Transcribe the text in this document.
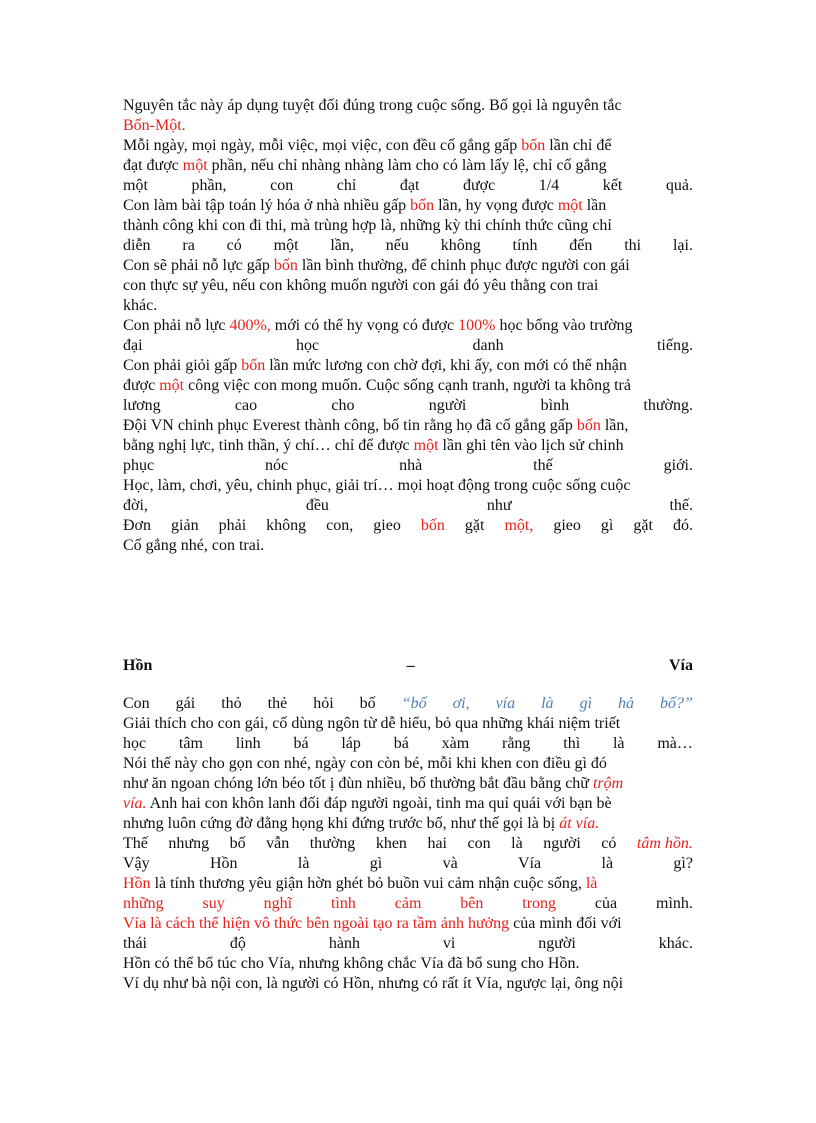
Nguyên tắc này áp dụng tuyệt đối đúng trong cuộc sống. Bố gọi là nguyên tắc
Bốn-Một.
Mỗi ngày, mọi ngày, mỗi việc, mọi việc, con đều cố gắng gấp bốn lần chỉ để
đạt được một phần, nếu chỉ nhàng nhàng làm cho có làm lấy lệ, chỉ cố gắng
một	phần,	con	chỉ	đạt	được	1/4	kết	quả.
Con làm bài tập toán lý hóa ở nhà nhiều gấp bốn lần, hy vọng được một lần
thành công khi con đi thi, mà trùng hợp là, những kỳ thi chính thức cũng chỉ
diễn ra có một lần, nếu không tính đến thi lại.
Con sẽ phải nỗ lực gấp bốn lần bình thường, để chinh phục được người con gái
con thực sự yêu, nếu con không muốn người con gái đó yêu thằng con trai
khác.
Con phải nỗ lực 400%, mới có thể hy vọng có được 100% học bổng vào trường
đại	học	danh	tiếng.
Con phải giỏi gấp bốn lần mức lương con chờ đợi, khi ấy, con mới có thể nhận
được một công việc con mong muốn. Cuộc sống cạnh tranh, người ta không trả
lương	cao	cho	người	bình	thường.
Đội VN chinh phục Everest thành công, bố tin rằng họ đã cố gắng gấp bốn lần,
bằng nghị lực, tinh thần, ý chí… chỉ để được một lần ghi tên vào lịch sử chinh
phục	nóc	nhà	thế	giới.
Học, làm, chơi, yêu, chinh phục, giải trí… mọi hoạt động trong cuộc sống cuộc
đời,	đều	như	thế.
Đơn giản phải không con, gieo bốn gặt một, gieo gì gặt đó.
Cố gắng nhé, con trai.
Hồn	–	Vía
Con gái thỏ thẻ hỏi bố “bố ơi, vía là gì hả bố?”
Giải thích cho con gái, cố dùng ngôn từ dễ hiểu, bỏ qua những khái niệm triết
học tâm linh bá láp bá xàm rằng thì là mà…
Nói thế này cho gọn con nhé, ngày con còn bé, mỗi khi khen con điều gì đó
như ăn ngoan chóng lớn béo tốt ị đùn nhiều, bố thường bắt đầu bằng chữ trộm
vía. Anh hai con khôn lanh đối đáp người ngoài, tinh ma quỉ quái với bạn bè
nhưng luôn cứng đờ đằng họng khi đứng trước bố, như thế gọi là bị át vía.
Thế nhưng bố vẫn thường khen hai con là người có tâm hồn.
Vậy	Hồn	là	gì	và	Vía	là	gì?
Hồn là tính thương yêu giận hờn ghét bỏ buồn vui cảm nhận cuộc sống, là
những suy nghĩ tình cảm bên trong của mình.
Vía là cách thể hiện vô thức bên ngoài tạo ra tầm ảnh hưởng của mình đối với
thái	độ	hành	vi	người	khác.
Hồn có thể bổ túc cho Vía, nhưng không chắc Vía đã bổ sung cho Hồn.
Ví dụ như bà nội con, là người có Hồn, nhưng có rất ít Vía, ngược lại, ông nội
